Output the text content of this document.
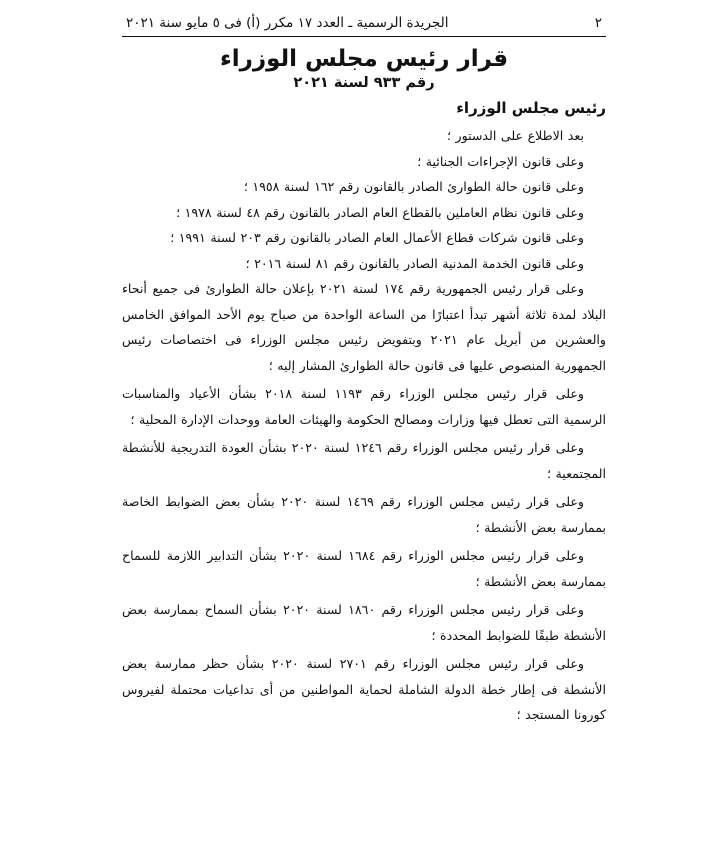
٢
الجريدة الرسمية ـ العدد ١٧ مكرر (أ) فى ٥ مايو سنة ٢٠٢١
قرار رئيس مجلس الوزراء
رقم ٩٣٣ لسنة ٢٠٢١
رئيس مجلس الوزراء

بعد الاطلاع على الدستور ؛

وعلى قانون الإجراءات الجنائية ؛

وعلى قانون حالة الطوارئ الصادر بالقانون رقم ١٦٢ لسنة ١٩٥٨ ؛

وعلى قانون نظام العاملين بالقطاع العام الصادر بالقانون رقم ٤٨ لسنة ١٩٧٨ ؛

وعلى قانون شركات قطاع الأعمال العام الصادر بالقانون رقم ٢٠٣ لسنة ١٩٩١ ؛

وعلى قانون الخدمة المدنية الصادر بالقانون رقم ٨١ لسنة ٢٠١٦ ؛

وعلى قرار رئيس الجمهورية رقم ١٧٤ لسنة ٢٠٢١ بإعلان حالة الطوارئ فى جميع أنحاء البلاد لمدة ثلاثة أشهر تبدأ اعتبارًا من الساعة الواحدة من صباح يوم الأحد الموافق الخامس والعشرين من أبريل عام ٢٠٢١ وبتفويض رئيس مجلس الوزراء فى اختصاصات رئيس الجمهورية المنصوص عليها فى قانون حالة الطوارئ المشار إليه ؛

وعلى قرار رئيس مجلس الوزراء رقم ١١٩٣ لسنة ٢٠١٨ بشأن الأعياد والمناسبات الرسمية التى تعطل فيها وزارات ومصالح الحكومة والهيئات العامة ووحدات الإدارة المحلية ؛

وعلى قرار رئيس مجلس الوزراء رقم ١٢٤٦ لسنة ٢٠٢٠ بشأن العودة التدريجية للأنشطة المجتمعية ؛

وعلى قرار رئيس مجلس الوزراء رقم ١٤٦٩ لسنة ٢٠٢٠ بشأن بعض الضوابط الخاصة بممارسة بعض الأنشطة ؛

وعلى قرار رئيس مجلس الوزراء رقم ١٦٨٤ لسنة ٢٠٢٠ بشأن التدابير اللازمة للسماح بممارسة بعض الأنشطة ؛

وعلى قرار رئيس مجلس الوزراء رقم ١٨٦٠ لسنة ٢٠٢٠ بشأن السماح بممارسة بعض الأنشطة طبقًا للضوابط المحددة ؛

وعلى قرار رئيس مجلس الوزراء رقم ٢٧٠١ لسنة ٢٠٢٠ بشأن حظر ممارسة بعض الأنشطة فى إطار خطة الدولة الشاملة لحماية المواطنين من أى تداعيات محتملة لفيروس كورونا المستجد ؛
